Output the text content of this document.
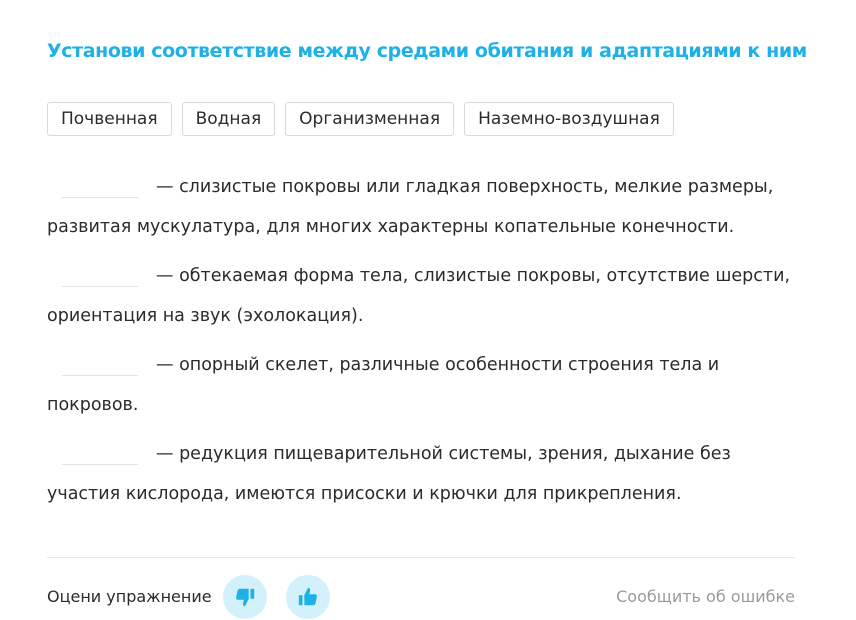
Установи соответствие между средами обитания и адаптациями к ним
Почвенная	Водная	Организменная	Наземно-воздушная
— слизистые покровы или гладкая поверхность, мелкие размеры, развитая мускулатура, для многих характерны копательные конечности.
— обтекаемая форма тела, слизистые покровы, отсутствие шерсти, ориентация на звук (эхолокация).
— опорный скелет, различные особенности строения тела и покровов.
— редукция пищеварительной системы, зрения, дыхание без участия кислорода, имеются присоски и крючки для прикрепления.
Оцени упражнение	Сообщить об ошибке
